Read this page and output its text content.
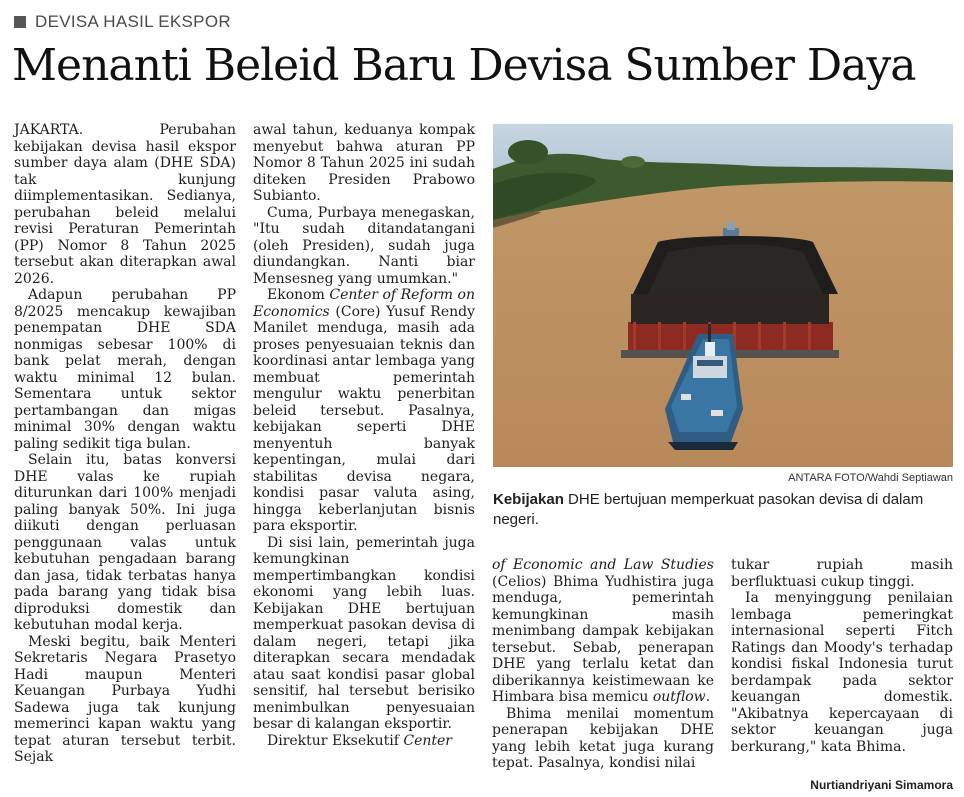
DEVISA HASIL EKSPOR
Menanti Beleid Baru Devisa Sumber Daya

JAKARTA. Perubahan kebijakan devisa hasil ekspor sumber daya alam (DHE SDA) tak kunjung diimplementasikan. Sedianya, perubahan beleid melalui revisi Peraturan Pemerintah (PP) Nomor 8 Tahun 2025 tersebut akan diterapkan awal 2026.

Adapun perubahan PP 8/2025 mencakup kewajiban penempatan DHE SDA nonmigas sebesar 100% di bank pelat merah, dengan waktu minimal 12 bulan. Sementara untuk sektor pertambangan dan migas minimal 30% dengan waktu paling sedikit tiga bulan.

Selain itu, batas konversi DHE valas ke rupiah diturunkan dari 100% menjadi paling banyak 50%. Ini juga diikuti dengan perluasan penggunaan valas untuk kebutuhan pengadaan barang dan jasa, tidak terbatas hanya pada barang yang tidak bisa diproduksi domestik dan kebutuhan modal kerja.

Meski begitu, baik Menteri Sekretaris Negara Prasetyo Hadi maupun Menteri Keuangan Purbaya Yudhi Sadewa juga tak kunjung memerinci kapan waktu yang tepat aturan tersebut terbit. Sejak

awal tahun, keduanya kompak menyebut bahwa aturan PP Nomor 8 Tahun 2025 ini sudah diteken Presiden Prabowo Subianto.

Cuma, Purbaya menegaskan, "Itu sudah ditandatangani (oleh Presiden), sudah juga diundangkan. Nanti biar Mensesneg yang umumkan."

Ekonom Center of Reform on Economics (Core) Yusuf Rendy Manilet menduga, masih ada proses penyesuaian teknis dan koordinasi antar lembaga yang membuat pemerintah mengulur waktu penerbitan beleid tersebut. Pasalnya, kebijakan seperti DHE menyentuh banyak kepentingan, mulai dari stabilitas devisa negara, kondisi pasar valuta asing, hingga keberlanjutan bisnis para eksportir.

Di sisi lain, pemerintah juga kemungkinan mempertimbangkan kondisi ekonomi yang lebih luas. Kebijakan DHE bertujuan memperkuat pasokan devisa di dalam negeri, tetapi jika diterapkan secara mendadak atau saat kondisi pasar global sensitif, hal tersebut berisiko menimbulkan penyesuaian besar di kalangan eksportir.

Direktur Eksekutif Center

ANTARA FOTO/Wahdi Septiawan
Kebijakan DHE bertujuan memperkuat pasokan devisa di dalam negeri.

of Economic and Law Studies (Celios) Bhima Yudhistira juga menduga, pemerintah kemungkinan masih menimbang dampak kebijakan tersebut. Sebab, penerapan DHE yang terlalu ketat dan diberikannya keistimewaan ke Himbara bisa memicu outflow.

Bhima menilai momentum penerapan kebijakan DHE yang lebih ketat juga kurang tepat. Pasalnya, kondisi nilai

tukar rupiah masih berfluktuasi cukup tinggi.

Ia menyinggung penilaian lembaga pemeringkat internasional seperti Fitch Ratings dan Moody's terhadap kondisi fiskal Indonesia turut berdampak pada sektor keuangan domestik. "Akibatnya kepercayaan di sektor keuangan juga berkurang," kata Bhima.

Nurtiandriyani Simamora
